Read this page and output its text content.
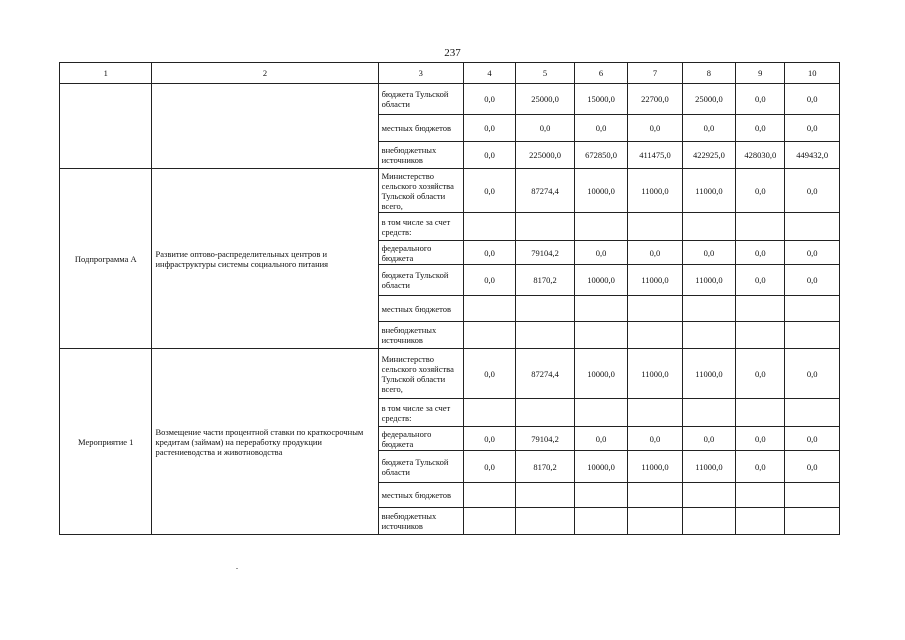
237
1	2	3	4	5	6	7	8	9	10
		бюджета Тульской области	0,0	25000,0	15000,0	22700,0	25000,0	0,0	0,0
		местных бюджетов	0,0	0,0	0,0	0,0	0,0	0,0	0,0
		внебюджетных источников	0,0	225000,0	672850,0	411475,0	422925,0	428030,0	449432,0
Подпрограмма А	Развитие оптово-распределительных центров и инфраструктуры системы социального питания	Министерство сельского хозяйства Тульской области всего,	0,0	87274,4	10000,0	11000,0	11000,0	0,0	0,0
		в том числе за счет средств:							
		федерального бюджета	0,0	79104,2	0,0	0,0	0,0	0,0	0,0
		бюджета Тульской области	0,0	8170,2	10000,0	11000,0	11000,0	0,0	0,0
		местных бюджетов							
		внебюджетных источников							
Мероприятие 1	Возмещение части процентной ставки по краткосрочным кредитам (займам) на переработку продукции растениеводства и животноводства	Министерство сельского хозяйства Тульской области всего,	0,0	87274,4	10000,0	11000,0	11000,0	0,0	0,0
		в том числе за счет средств:							
		федерального бюджета	0,0	79104,2	0,0	0,0	0,0	0,0	0,0
		бюджета Тульской области	0,0	8170,2	10000,0	11000,0	11000,0	0,0	0,0
		местных бюджетов							
		внебюджетных источников							
